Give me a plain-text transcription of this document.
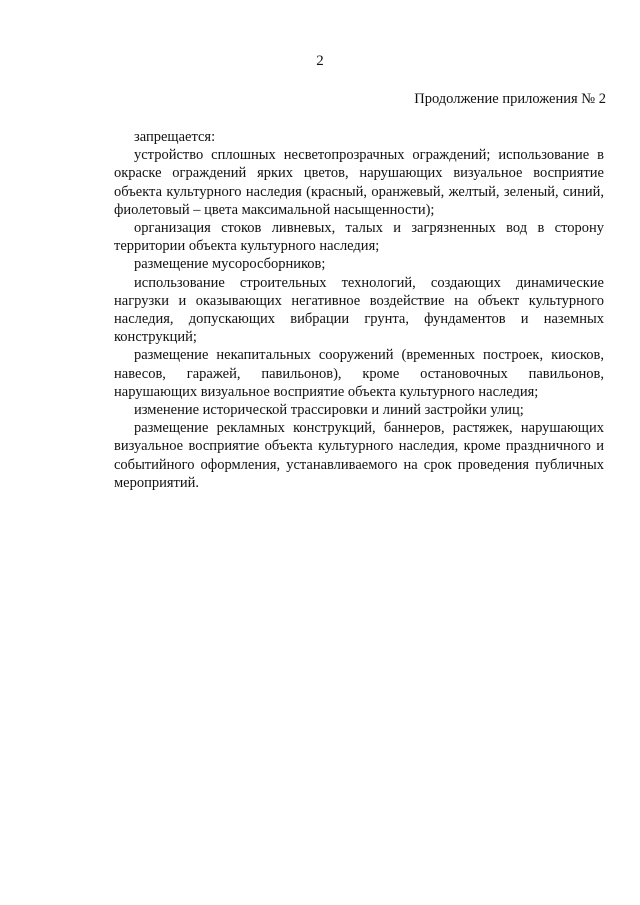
2
Продолжение приложения № 2

запрещается:

устройство сплошных несветопрозрачных ограждений; использование в окраске ограждений ярких цветов, нарушающих визуальное восприятие объекта культурного наследия (красный, оранжевый, желтый, зеленый, синий, фиолетовый – цвета максимальной насыщенности);

организация стоков ливневых, талых и загрязненных вод в сторону территории объекта культурного наследия;

размещение мусоросборников;

использование строительных технологий, создающих динамические нагрузки и оказывающих негативное воздействие на объект культурного наследия, допускающих вибрации грунта, фундаментов и наземных конструкций;

размещение некапитальных сооружений (временных построек, киосков, навесов, гаражей, павильонов), кроме остановочных павильонов, нарушающих визуальное восприятие объекта культурного наследия;

изменение исторической трассировки и линий застройки улиц;

размещение рекламных конструкций, баннеров, растяжек, нарушающих визуальное восприятие объекта культурного наследия, кроме праздничного и событийного оформления, устанавливаемого на срок проведения публичных мероприятий.
